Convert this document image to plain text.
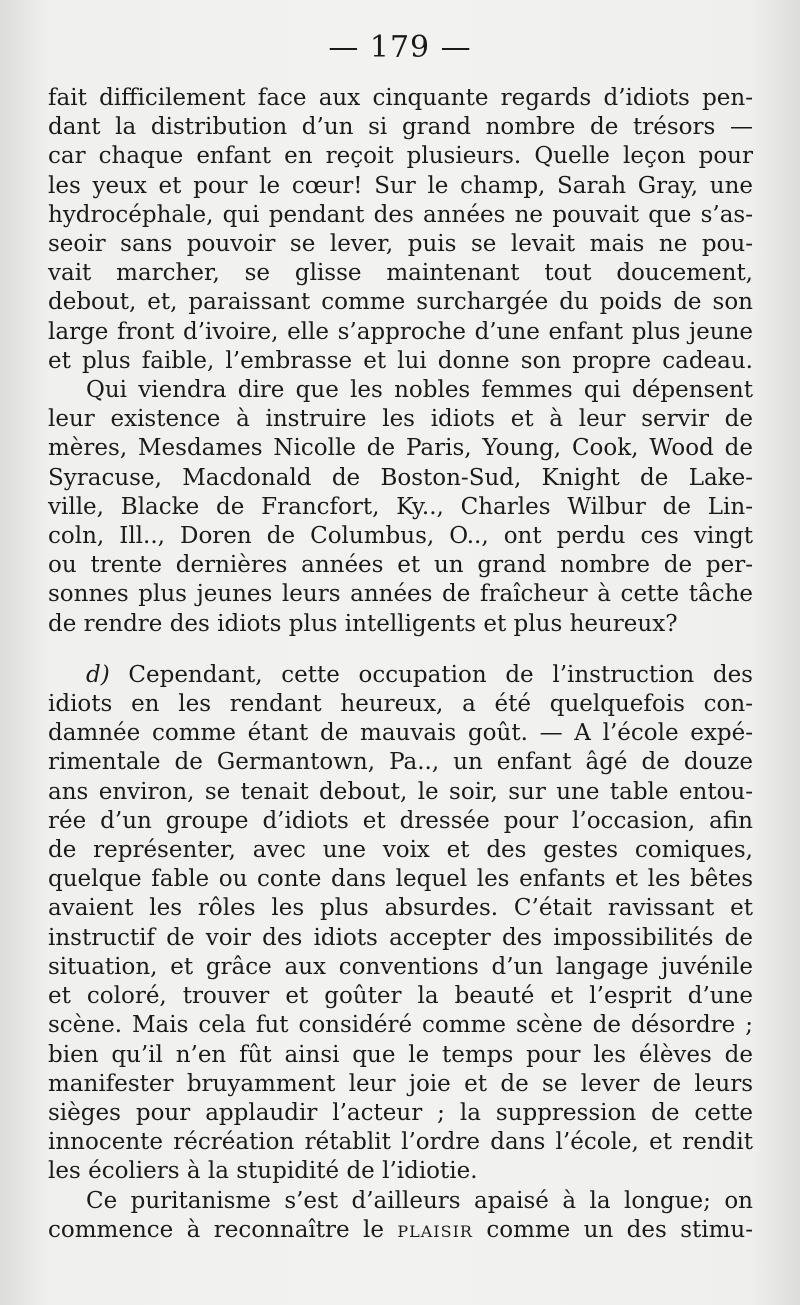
— 179 —
fait difficilement face aux cinquante regards d’idiots pen-
dant la distribution d’un si grand nombre de trésors —
car chaque enfant en reçoit plusieurs. Quelle leçon pour
les yeux et pour le cœur! Sur le champ, Sarah Gray, une
hydrocéphale, qui pendant des années ne pouvait que s’as-
seoir sans pouvoir se lever, puis se levait mais ne pou-
vait marcher, se glisse maintenant tout doucement,
debout, et, paraissant comme surchargée du poids de son
large front d’ivoire, elle s’approche d’une enfant plus jeune
et plus faible, l’embrasse et lui donne son propre cadeau.
Qui viendra dire que les nobles femmes qui dépensent
leur existence à instruire les idiots et à leur servir de
mères, Mesdames Nicolle de Paris, Young, Cook, Wood de
Syracuse, Macdonald de Boston-Sud, Knight de Lake-
ville, Blacke de Francfort, Ky.., Charles Wilbur de Lin-
coln, Ill.., Doren de Columbus, O.., ont perdu ces vingt
ou trente dernières années et un grand nombre de per-
sonnes plus jeunes leurs années de fraîcheur à cette tâche
de rendre des idiots plus intelligents et plus heureux?
d) Cependant, cette occupation de l’instruction des
idiots en les rendant heureux, a été quelquefois con-
damnée comme étant de mauvais goût. — A l’école expé-
rimentale de Germantown, Pa.., un enfant âgé de douze
ans environ, se tenait debout, le soir, sur une table entou-
rée d’un groupe d’idiots et dressée pour l’occasion, afin
de représenter, avec une voix et des gestes comiques,
quelque fable ou conte dans lequel les enfants et les bêtes
avaient les rôles les plus absurdes. C’était ravissant et
instructif de voir des idiots accepter des impossibilités de
situation, et grâce aux conventions d’un langage juvénile
et coloré, trouver et goûter la beauté et l’esprit d’une
scène. Mais cela fut considéré comme scène de désordre ;
bien qu’il n’en fût ainsi que le temps pour les élèves de
manifester bruyamment leur joie et de se lever de leurs
sièges pour applaudir l’acteur ; la suppression de cette
innocente récréation rétablit l’ordre dans l’école, et rendit
les écoliers à la stupidité de l’idiotie.
Ce puritanisme s’est d’ailleurs apaisé à la longue; on
commence à reconnaître le plaisir comme un des stimu-
